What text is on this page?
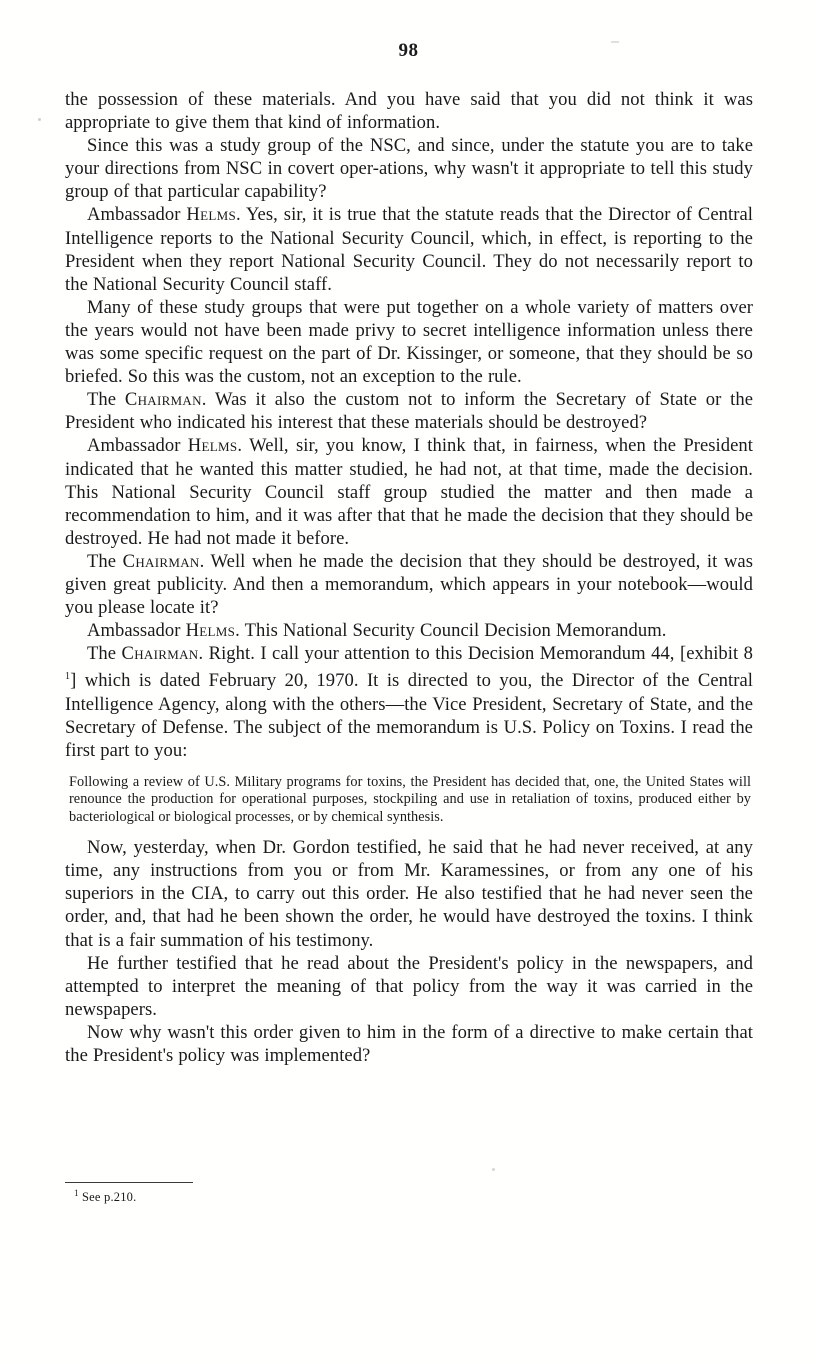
98

the possession of these materials. And you have said that you did not think it was appropriate to give them that kind of information.

Since this was a study group of the NSC, and since, under the statute you are to take your directions from NSC in covert oper-ations, why wasn't it appropriate to tell this study group of that particular capability?

Ambassador Helms. Yes, sir, it is true that the statute reads that the Director of Central Intelligence reports to the National Security Council, which, in effect, is reporting to the President when they report National Security Council. They do not necessarily report to the National Security Council staff.

Many of these study groups that were put together on a whole variety of matters over the years would not have been made privy to secret intelligence information unless there was some specific request on the part of Dr. Kissinger, or someone, that they should be so briefed. So this was the custom, not an exception to the rule.

The Chairman. Was it also the custom not to inform the Secretary of State or the President who indicated his interest that these materials should be destroyed?

Ambassador Helms. Well, sir, you know, I think that, in fairness, when the President indicated that he wanted this matter studied, he had not, at that time, made the decision. This National Security Council staff group studied the matter and then made a recommendation to him, and it was after that that he made the decision that they should be destroyed. He had not made it before.

The Chairman. Well when he made the decision that they should be destroyed, it was given great publicity. And then a memorandum, which appears in your notebook—would you please locate it?

Ambassador Helms. This National Security Council Decision Memorandum.

The Chairman. Right. I call your attention to this Decision Memorandum 44, [exhibit 8 $^1$] which is dated February 20, 1970. It is directed to you, the Director of the Central Intelligence Agency, along with the others—the Vice President, Secretary of State, and the Secretary of Defense. The subject of the memorandum is U.S. Policy on Toxins. I read the first part to you:

Following a review of U.S. Military programs for toxins, the President has decided that, one, the United States will renounce the production for operational purposes, stockpiling and use in retaliation of toxins, produced either by bacteriological or biological processes, or by chemical synthesis.

Now, yesterday, when Dr. Gordon testified, he said that he had never received, at any time, any instructions from you or from Mr. Karamessines, or from any one of his superiors in the CIA, to carry out this order. He also testified that he had never seen the order, and, that had he been shown the order, he would have destroyed the toxins. I think that is a fair summation of his testimony.

He further testified that he read about the President's policy in the newspapers, and attempted to interpret the meaning of that policy from the way it was carried in the newspapers.

Now why wasn't this order given to him in the form of a directive to make certain that the President's policy was implemented?

$^1$ See p.210.
